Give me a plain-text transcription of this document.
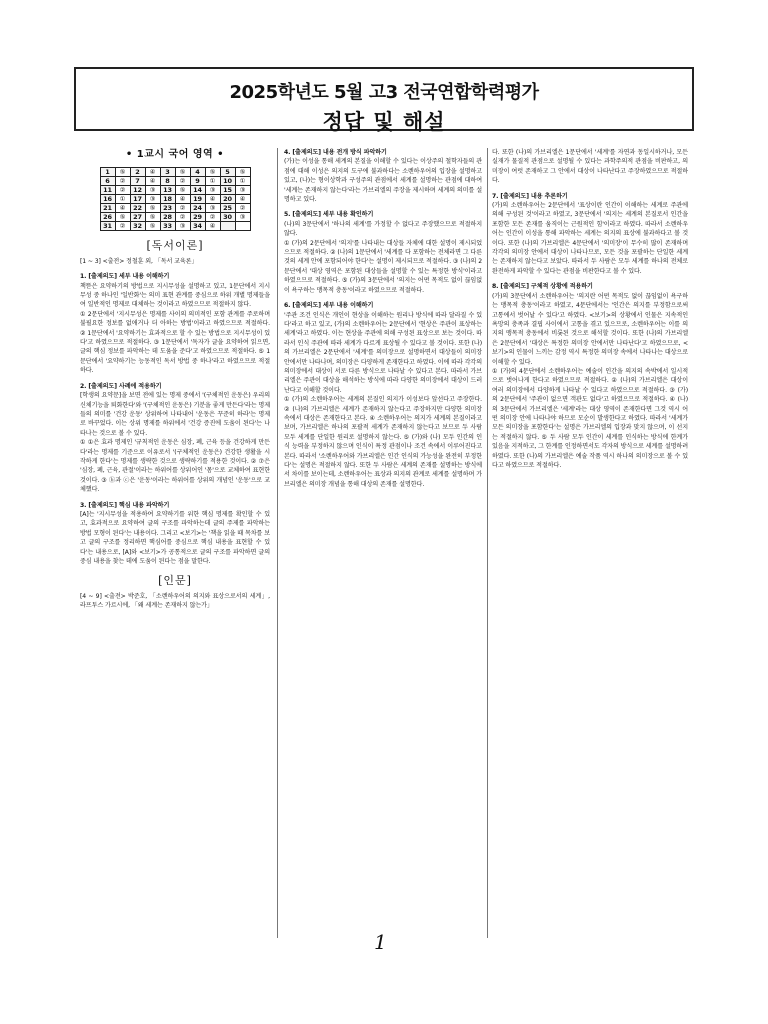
2025학년도 5월 고3 전국연합학력평가
정답 및 해설
• 1교시 국어 영역 •
1	⑤	2	④	3	⑤	4	⑤	5	⑤
6	②	7	④	8	②	9	①	10	①
11	②	12	③	13	⑤	14	③	15	③
16	①	17	③	18	④	19	④	20	④
21	④	22	⑤	23	②	24	③	25	②
26	⑤	27	⑤	28	②	29	②	30	③
31	②	32	⑤	33	③	34	④		
[독서이론]

[1 ~ 3] <출전> 정철훈 외, 「독서 교육론」

1. [출제의도] 세부 내용 이해하기

책뜯은 요약하기의 방법으로 지시무성을 설명하고 있고, 1문단에서 지시무성 중 하나인 '일반화'는 의미 표현 관계를 중심으로 하위 개별 명제들을 여 일반적인 명제로 대체하는 것이라고 하였으므로 적절하지 않다.

① 2문단에서 '지시무성은 명제를 사이의 의미적인 포함 관계를 주로하며 불필요한 정보를 없애거나 더 아하는 방법'이라고 하였으므로 적절하다. ② 1문단에서 '요약하기는 효과적으로 할 수 있는 방법으로 지시무성이 있다'고 하였으므로 적절하다. ③ 1문단에서 '독자가 글을 요약하여 읽으면, 글의 핵심 정보를 파악하는 데 도움을 준다'고 하였으므로 적절하다. ⑤ 1문단에서 '요약하기는 능동적인 독서 방법 중 하나'라고 하였으므로 적절하다.

2. [출제의도] 사례에 적용하기

[학생의 요약문]을 보면 전에 있는 명제 중에서 '(구체적인 운동은) 우리의 신체기능을 퇴화한다'와 '(구체적인 운동은) 기분을 좋게 만든다'라는 명제들의 의미를 '건강 운동' 상위하여 나타내어 '운동은 꾸준히 하라'는 명제로 바꾸었다. 이는 상위 명제를 하위에서 '건강 증진에 도움이 된다'는 나타나는 것으로 볼 수 있다.

① ①은 효과 명제인 '규칙적인 운동은 심장, 폐, 근육 등을 건강하게 만든다'라는 명제를 기준으로 이유로서 '(구체적인 운동은) 건강한 생활을 시작하게 한다'는 명제를 생략한 것으로 생략하기를 적용한 것이다. ② ⑦은 '심장, 폐, 근육, 관절'이라는 하위어를 상위어인 '몸'으로 교체하여 표현한 것이다. ③ ⓑ과 ⓒ은 '운동'이라는 하위어를 상위의 개념인 '운동'으로 교체했다.

3. [출제의도] 핵심 내용 파악하기

[A]는 '지시무성을 적용하여 요약하기를 위한 핵심 명제를 확인할 수 있고, 효과적으로 요약하여 글의 구조를 파악하는데 글의 주제를 파악하는 방법 모형이 된다'는 내용이다. 그리고 <보기>는 '책을 읽을 때 목차를 보고 글의 구조를 정리하면 핵심어를 중심으로 핵심 내용을 표현할 수 있다'는 내용으로, [A]와 <보기>가 공통적으로 글의 구조를 파악하면 글의 중심 내용을 찾는 데에 도움이 된다는 점을 말한다.

[인문]

[4 ~ 9] <출전> 박준호, 「소렌하우어의 의지와 표상으로서의 세계」, 라프투스 가르시에, 「왜 세계는 존재하지 않는가」

4. [출제의도] 내용 전개 방식 파악하기

(가)는 이성을 통해 세계의 본질을 이해할 수 있다는 이상주의 철학자들의 관점에 대해 이성은 의지의 도구에 불과하다는 소렌하우어의 입장을 설명하고 있고, (나)는 형이상학과 구성주의 관점에서 세계를 설명하는 관점에 대하여 '세계는 존재하지 않는다'라는 가브리엘의 주장을 제시하며 세계의 의미를 설명하고 있다.

5. [출제의도] 세부 내용 확인하기

(나)의 3문단에서 '하나의 세계'를 가정할 수 없다고 주장했으므로 적절하지 않다.

① (가)의 2문단에서 '의지'를 나타내는 대상들 자체에 대한 설명이 제시되었으므로 적절하다. ② (나)의 1문단에서 '세계를 다 포함하는 전체라면 그 다른 것의 세계 안에 포함되어야 한다'는 설명이 제시되므로 적절하다. ③ (나)의 2문단에서 '대상 영역은 포함된 대상들을 설명할 수 있는 특정한 방식'이라고 하였으므로 적절하다. ⑤ (가)의 3문단에서 '의지는 어떤 목적도 없이 끊임없이 욕구하는 맹목적 충동'이라고 하였으므로 적절하다.

6. [출제의도] 세부 내용 이해하기

'주관 조건 인식은 개인이 현상을 이해하는 원리나 방식에 따라 달라질 수 있다'라고 하고 있고, (가)의 소렌하우어는 2문단에서 '현상은 주관이 표상하는 세계'라고 하였다. 이는 현상을 주관에 의해 구성된 표상으로 보는 것이다. 따라서 인식 주관에 따라 세계가 다르게 표상될 수 있다고 볼 것이다. 또한 (나)의 가브리엘은 2문단에서 '세계'를 의미장으로 설명하면서 대상들이 의미장 안에서만 나타나며, 의미장은 다양하게 존재한다고 하였다. 이에 따라 각각의 의미장에서 대상이 서로 다른 방식으로 나타날 수 있다고 본다. 따라서 가브리엘은 주관이 대상을 해석하는 방식에 따라 다양한 의미장에서 대상이 드러난다고 이해할 것이다.

① (가)의 소렌하우어는 세계의 본질인 의지가 이성보다 앞선다고 주장한다. ② (나)의 가브리엘은 세계가 존재하지 않는다고 주장하지만 다양한 의미장 속에서 대상은 존재한다고 본다. ④ 소렌하우어는 의지가 세계의 본질이라고 보며, 가브리엘은 하나의 포괄적 세계가 존재하지 않는다고 보므로 두 사람 모두 세계를 단일한 원리로 설명하지 않는다. ⑤ (가)와 (나) 모두 인간의 인식 능력을 부정하지 않으며 인식이 특정 관점이나 조건 속에서 이루어진다고 본다. 따라서 '소렌하우어와 가브리엘은 인간 인식의 가능성을 완전히 부정한다'는 설명은 적절하지 않다. 또한 두 사람은 세계의 존재를 설명하는 방식에서 차이를 보이는데, 소렌하우어는 표상과 의지의 관계로 세계를 설명하며 가브리엘은 의미장 개념을 통해 대상의 존재를 설명한다.

다. 또한 (나)의 가브리엘은 1문단에서 '세계'를 자연과 동일시하거나, 모든 실재가 물질적 관점으로 설명될 수 있다는 과학주의적 관점을 비판하고, 의미장이 여럿 존재하고 그 안에서 대상이 나타난다고 주장하였으므로 적절하다.

7. [출제의도] 내용 추론하기

(가)의 소렌하우어는 2문단에서 '표상이란 인간이 이해하는 세계로 주관에 의해 구성된 것'이라고 하였고, 3문단에서 '의지는 세계의 본질로서 인간을 포함한 모든 존재를 움직이는 근원적인 힘'이라고 하였다. 따라서 소렌하우어는 인간이 이성을 통해 파악하는 세계는 의지의 표상에 불과하다고 볼 것이다. 또한 (나)의 가브리엘은 4문단에서 '의미장'이 무수히 많이 존재하며 각각의 의미장 안에서 대상이 나타나므로, 모든 것을 포괄하는 단일한 세계는 존재하지 않는다고 보았다. 따라서 두 사람은 모두 세계를 하나의 전체로 완전하게 파악할 수 있다는 관점을 비판한다고 볼 수 있다.

8. [출제의도] 구체적 상황에 적용하기

(가)의 3문단에서 소렌하우어는 '의지란 어떤 목적도 없이 끊임없이 욕구하는 맹목적 충동'이라고 하였고, 4문단에서는 '인간은 의지를 부정함으로써 고통에서 벗어날 수 있다'고 하였다. <보기>의 상황에서 인물은 지속적인 욕망의 충족과 결핍 사이에서 고통을 겪고 있으므로, 소렌하우어는 이를 의지의 맹목적 충동에서 비롯된 것으로 해석할 것이다. 또한 (나)의 가브리엘은 2문단에서 '대상은 특정한 의미장 안에서만 나타난다'고 하였으므로, <보기>의 인물이 느끼는 감정 역시 특정한 의미장 속에서 나타나는 대상으로 이해할 수 있다.

① (가)의 4문단에서 소렌하우어는 예술이 인간을 의지의 속박에서 일시적으로 벗어나게 한다고 하였으므로 적절하다. ② (나)의 가브리엘은 대상이 여러 의미장에서 다양하게 나타날 수 있다고 하였으므로 적절하다. ③ (가)의 2문단에서 '주관이 없으면 객관도 없다'고 하였으므로 적절하다. ④ (나)의 3문단에서 가브리엘은 '세계'라는 대상 영역이 존재한다면 그것 역시 어떤 의미장 안에 나타나야 하므로 모순이 발생한다고 하였다. 따라서 '세계가 모든 의미장을 포함한다'는 설명은 가브리엘의 입장과 맞지 않으며, 이 선지는 적절하지 않다. ⑤ 두 사람 모두 인간이 세계를 인식하는 방식에 한계가 있음을 지적하고, 그 한계를 인정하면서도 각자의 방식으로 세계를 설명하려 하였다. 또한 (나)의 가브리엘은 예술 작품 역시 하나의 의미장으로 볼 수 있다고 하였으므로 적절하다.

1
